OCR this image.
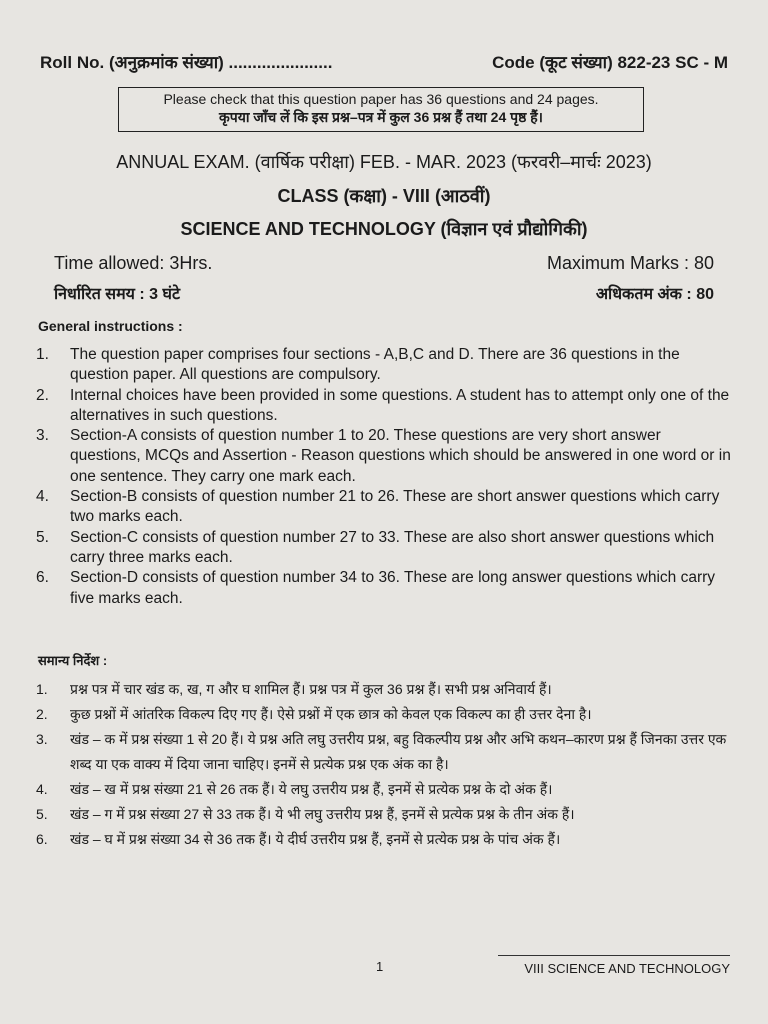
Roll No. (अनुक्रमांक संख्या) ......................	Code (कूट संख्या) 822-23 SC - M
Please check that this question paper has 36 questions and 24 pages.
कृपया जाँच लें कि इस प्रश्न–पत्र में कुल 36 प्रश्न हैं तथा 24 पृष्ठ हैं।
ANNUAL EXAM. (वार्षिक परीक्षा) FEB. - MAR. 2023 (फरवरी–मार्चः 2023)
CLASS (कक्षा) - VIII (आठवीं)
SCIENCE AND TECHNOLOGY (विज्ञान एवं प्रौद्योगिकी)
Time allowed: 3Hrs.	Maximum Marks : 80
निर्धारित समय : 3 घंटे	अधिकतम अंक : 80
General instructions :
1. The question paper comprises four sections - A,B,C and D. There are 36 questions in the question paper. All questions are compulsory.
2. Internal choices have been provided in some questions. A student has to attempt only one of the alternatives in such questions.
3. Section-A consists of question number 1 to 20. These questions are very short answer questions, MCQs and Assertion - Reason questions which should be answered in one word or in one sentence. They carry one mark each.
4. Section-B consists of question number 21 to 26. These are short answer questions which carry two marks each.
5. Section-C consists of question number 27 to 33. These are also short answer questions which carry three marks each.
6. Section-D consists of question number 34 to 36. These are long answer questions which carry five marks each.
समान्य निर्देश :
1. प्रश्न पत्र में चार खंड क, ख, ग और घ शामिल हैं। प्रश्न पत्र में कुल 36 प्रश्न हैं। सभी प्रश्न अनिवार्य हैं।
2. कुछ प्रश्नों में आंतरिक विकल्प दिए गए हैं। ऐसे प्रश्नों में एक छात्र को केवल एक विकल्प का ही उत्तर देना है।
3. खंड – क में प्रश्न संख्या 1 से 20 हैं। ये प्रश्न अति लघु उत्तरीय प्रश्न, बहु विकल्पीय प्रश्न और अभि कथन–कारण प्रश्न हैं जिनका उत्तर एक शब्द या एक वाक्य में दिया जाना चाहिए। इनमें से प्रत्येक प्रश्न एक अंक का है।
4. खंड – ख में प्रश्न संख्या 21 से 26 तक हैं। ये लघु उत्तरीय प्रश्न हैं, इनमें से प्रत्येक प्रश्न के दो अंक हैं।
5. खंड – ग में प्रश्न संख्या 27 से 33 तक हैं। ये भी लघु उत्तरीय प्रश्न हैं, इनमें से प्रत्येक प्रश्न के तीन अंक हैं।
6. खंड – घ में प्रश्न संख्या 34 से 36 तक हैं। ये दीर्घ उत्तरीय प्रश्न हैं, इनमें से प्रत्येक प्रश्न के पांच अंक हैं।
1	VIII SCIENCE AND TECHNOLOGY
